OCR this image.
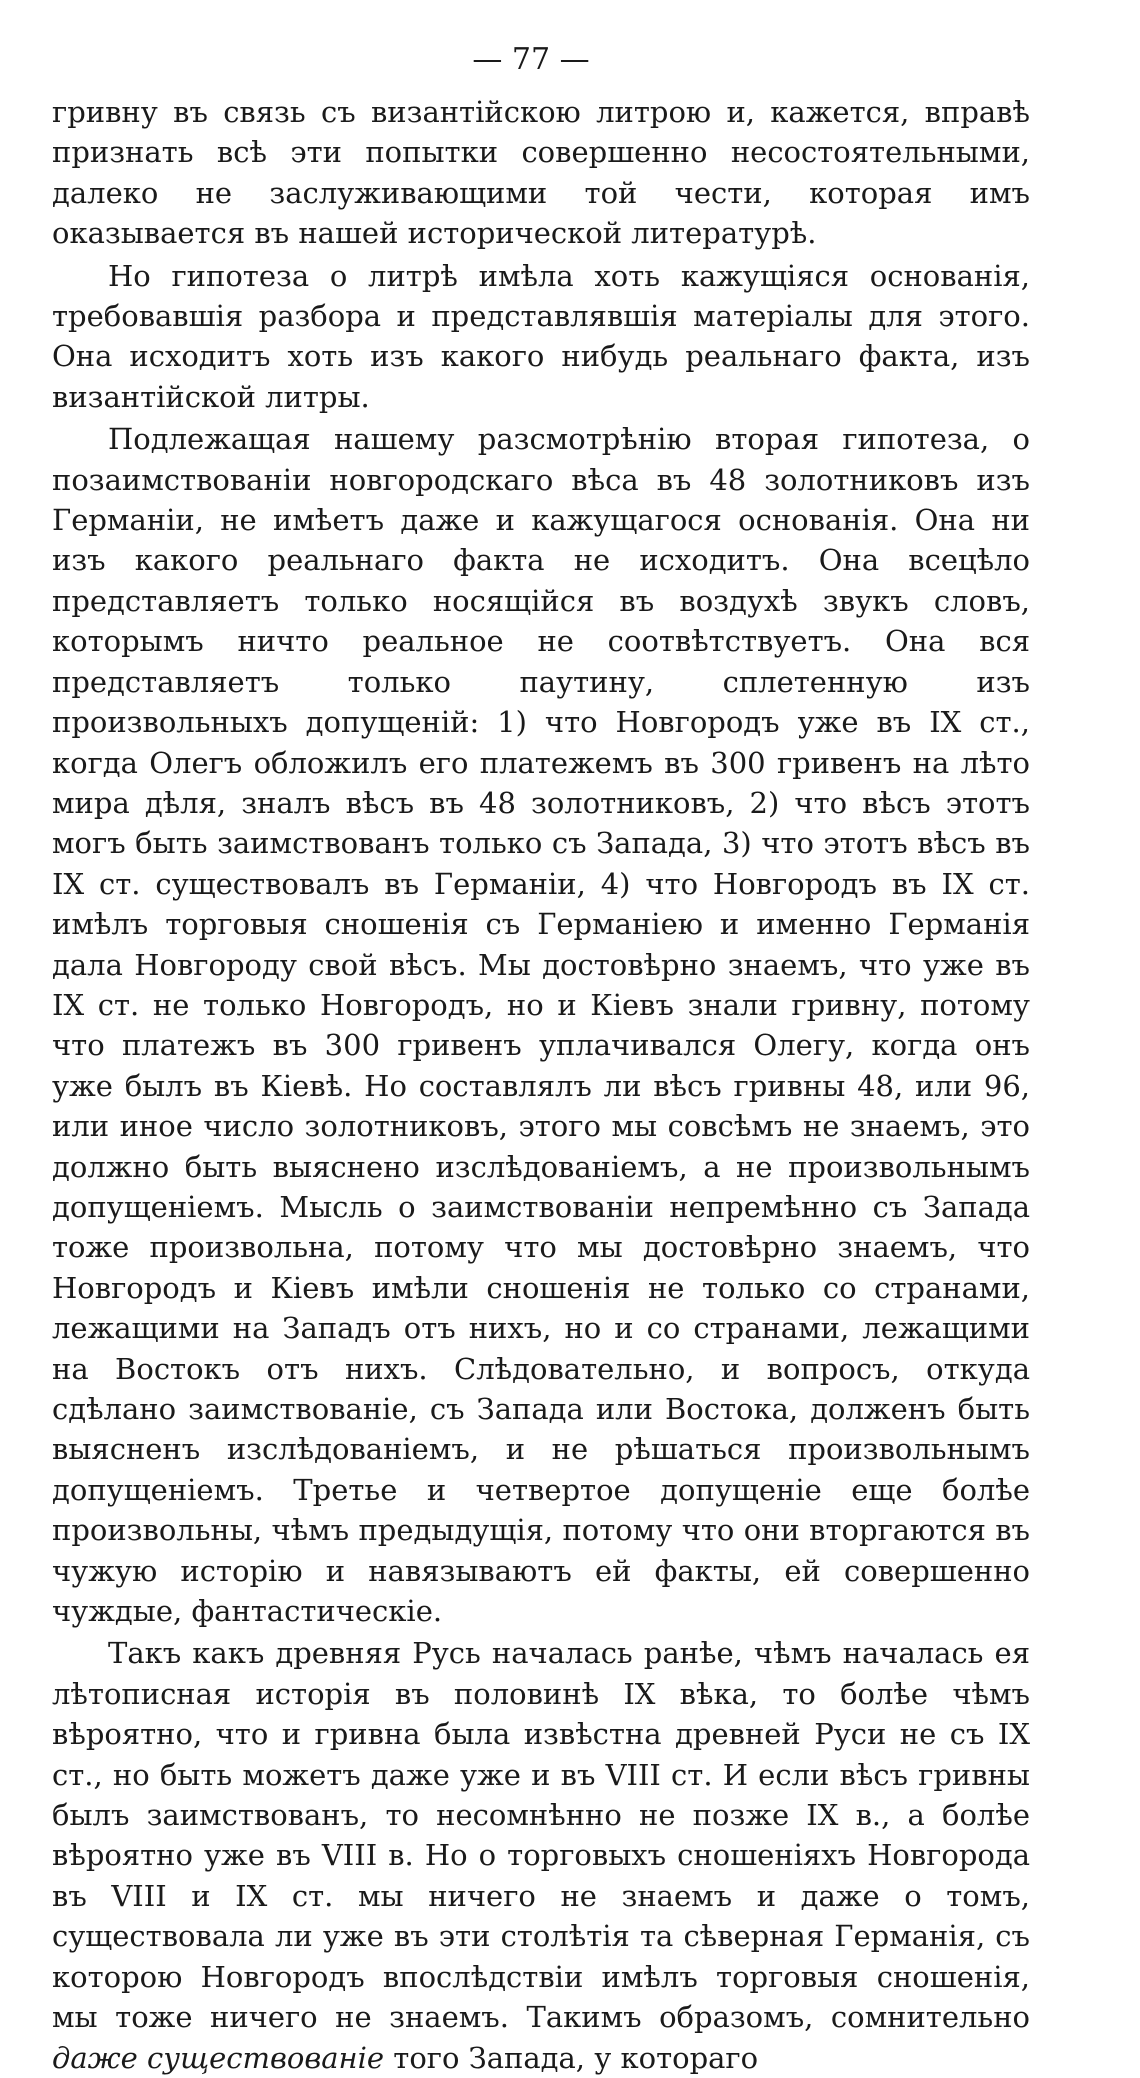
— 77 —

гривну въ связь съ византійскою литрою и, кажется, вправѣ признать всѣ эти попытки совершенно несостоятельными, далеко не заслуживающими той чести, которая имъ оказывается въ нашей исторической литературѣ.

Но гипотеза о литрѣ имѣла хоть кажущіяся основанія, требовавшія разбора и представлявшія матеріалы для этого. Она исходитъ хоть изъ какого нибудь реальнаго факта, изъ византійской литры.

Подлежащая нашему разсмотрѣнію вторая гипотеза, о позаимствованіи новгородскаго вѣса въ 48 золотниковъ изъ Германіи, не имѣетъ даже и кажущагося основанія. Она ни изъ какого реальнаго факта не исходитъ. Она всецѣло представляетъ только носящійся въ воздухѣ звукъ словъ, которымъ ничто реальное не соотвѣтствуетъ. Она вся представляетъ только паутину, сплетенную изъ произвольныхъ допущеній: 1) что Новгородъ уже въ IX ст., когда Олегъ обложилъ его платежемъ въ 300 гривенъ на лѣто мира дѣля, зналъ вѣсъ въ 48 золотниковъ, 2) что вѣсъ этотъ могъ быть заимствованъ только съ Запада, 3) что этотъ вѣсъ въ IX ст. существовалъ въ Германіи, 4) что Новгородъ въ IX ст. имѣлъ торговыя сношенія съ Германіею и именно Германія дала Новгороду свой вѣсъ. Мы достовѣрно знаемъ, что уже въ IX ст. не только Новгородъ, но и Кіевъ знали гривну, потому что платежъ въ 300 гривенъ уплачивался Олегу, когда онъ уже былъ въ Кіевѣ. Но составлялъ ли вѣсъ гривны 48, или 96, или иное число золотниковъ, этого мы совсѣмъ не знаемъ, это должно быть выяснено изслѣдованіемъ, а не произвольнымъ допущеніемъ. Мысль о заимствованіи непремѣнно съ Запада тоже произвольна, потому что мы достовѣрно знаемъ, что Новгородъ и Кіевъ имѣли сношенія не только со странами, лежащими на Западъ отъ нихъ, но и со странами, лежащими на Востокъ отъ нихъ. Слѣдовательно, и вопросъ, откуда сдѣлано заимствованіе, съ Запада или Востока, долженъ быть выясненъ изслѣдованіемъ, и не рѣшаться произвольнымъ допущеніемъ. Третье и четвертое допущеніе еще болѣе произвольны, чѣмъ предыдущія, потому что они вторгаются въ чужую исторію и навязываютъ ей факты, ей совершенно чуждые, фантастическіе.

Такъ какъ древняя Русь началась ранѣе, чѣмъ началась ея лѣтописная исторія въ половинѣ IX вѣка, то болѣе чѣмъ вѣроятно, что и гривна была извѣстна древней Руси не съ IX ст., но быть можетъ даже уже и въ VIII ст. И если вѣсъ гривны былъ заимствованъ, то несомнѣнно не позже IX в., а болѣе вѣроятно уже въ VIII в. Но о торговыхъ сношеніяхъ Новгорода въ VIII и IX ст. мы ничего не знаемъ и даже о томъ, существовала ли уже въ эти столѣтія та сѣверная Германія, съ которою Новгородъ впослѣдствіи имѣлъ торговыя сношенія, мы тоже ничего не знаемъ. Такимъ образомъ, сомнительно даже существованіе того Запада, у котораго
